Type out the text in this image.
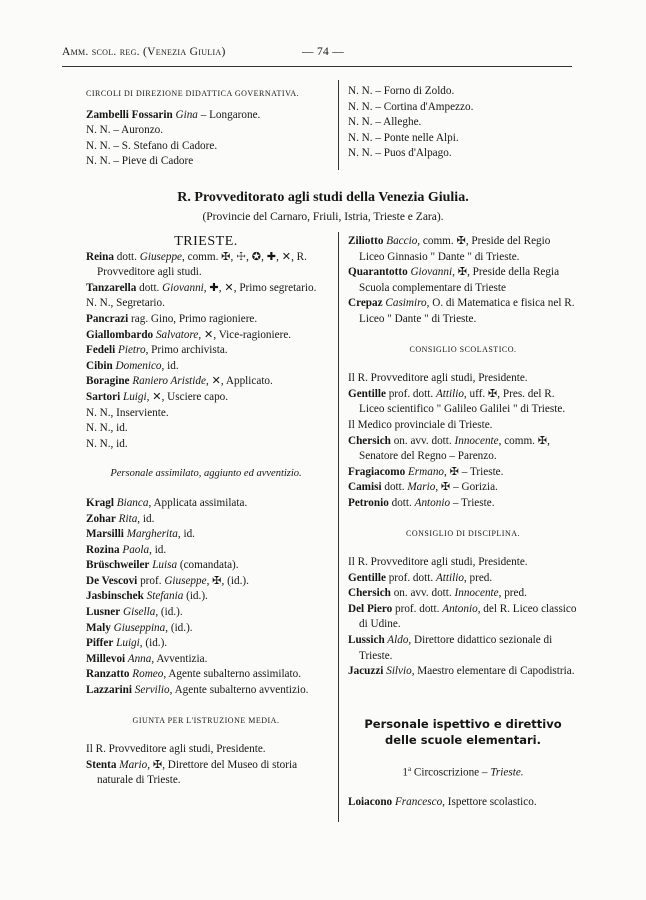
Amm. scol. reg. (Venezia Giulia)	— 74 —

CIRCOLI DI DIREZIONE DIDATTICA GOVERNATIVA.

Zambelli Fossarin Gina – Longarone.

N. N. – Auronzo.

N. N. – S. Stefano di Cadore.

N. N. – Pieve di Cadore

N. N. – Forno di Zoldo.

N. N. – Cortina d'Ampezzo.

N. N. – Alleghe.

N. N. – Ponte nelle Alpi.

N. N. – Puos d'Alpago.

R. Provveditorato agli studi della Venezia Giulia.
(Provincie del Carnaro, Friuli, Istria, Trieste e Zara).

TRIESTE.

Reina dott. Giuseppe, comm. ✠, ☩, ✪, ✚, ✕, R. Provveditore agli studi.

Tanzarella dott. Giovanni, ✚, ✕, Primo segretario.

N. N., Segretario.

Pancrazi rag. Gino, Primo ragioniere.

Giallombardo Salvatore, ✕, Vice-ragioniere.

Fedeli Pietro, Primo archivista.

Cibin Domenico, id.

Boragine Raniero Aristide, ✕, Applicato.

Sartori Luigi, ✕, Usciere capo.

N. N., Inserviente.

N. N., id.

N. N., id.

Personale assimilato, aggiunto ed avventizio.

Kragl Bianca, Applicata assimilata.

Zohar Rita, id.

Marsilli Margherita, id.

Rozina Paola, id.

Brüschweiler Luisa (comandata).

De Vescovi prof. Giuseppe, ✠, (id.).

Jasbinschek Stefania (id.).

Lusner Gisella, (id.).

Maly Giuseppina, (id.).

Piffer Luigi, (id.).

Millevoi Anna, Avventizia.

Ranzatto Romeo, Agente subalterno assimilato.

Lazzarini Servilio, Agente subalterno avventizio.

GIUNTA PER L'ISTRUZIONE MEDIA.

Il R. Provveditore agli studi, Presidente.

Stenta Mario, ✠, Direttore del Museo di storia naturale di Trieste.

Ziliotto Baccio, comm. ✠, Preside del Regio Liceo Ginnasio " Dante " di Trieste.

Quarantotto Giovanni, ✠, Preside della Regia Scuola complementare di Trieste

Crepaz Casimiro, O. di Matematica e fisica nel R. Liceo " Dante " di Trieste.

CONSIGLIO SCOLASTICO.

Il R. Provveditore agli studi, Presidente.

Gentille prof. dott. Attilio, uff. ✠, Pres. del R. Liceo scientifico " Galileo Galilei " di Trieste.

Il Medico provinciale di Trieste.

Chersich on. avv. dott. Innocente, comm. ✠, Senatore del Regno – Parenzo.

Fragiacomo Ermano, ✠ – Trieste.

Camisi dott. Mario, ✠ – Gorizia.

Petronio dott. Antonio – Trieste.

CONSIGLIO DI DISCIPLINA.

Il R. Provveditore agli studi, Presidente.

Gentille prof. dott. Attilio, pred.

Chersich on. avv. dott. Innocente, pred.

Del Piero prof. dott. Antonio, del R. Liceo classico di Udine.

Lussich Aldo, Direttore didattico sezionale di Trieste.

Jacuzzi Silvio, Maestro elementare di Capodistria.

Personale ispettivo e direttivo

delle scuole elementari.

1$^a$ Circoscrizione – Trieste.

Loiacono Francesco, Ispettore scolastico.
